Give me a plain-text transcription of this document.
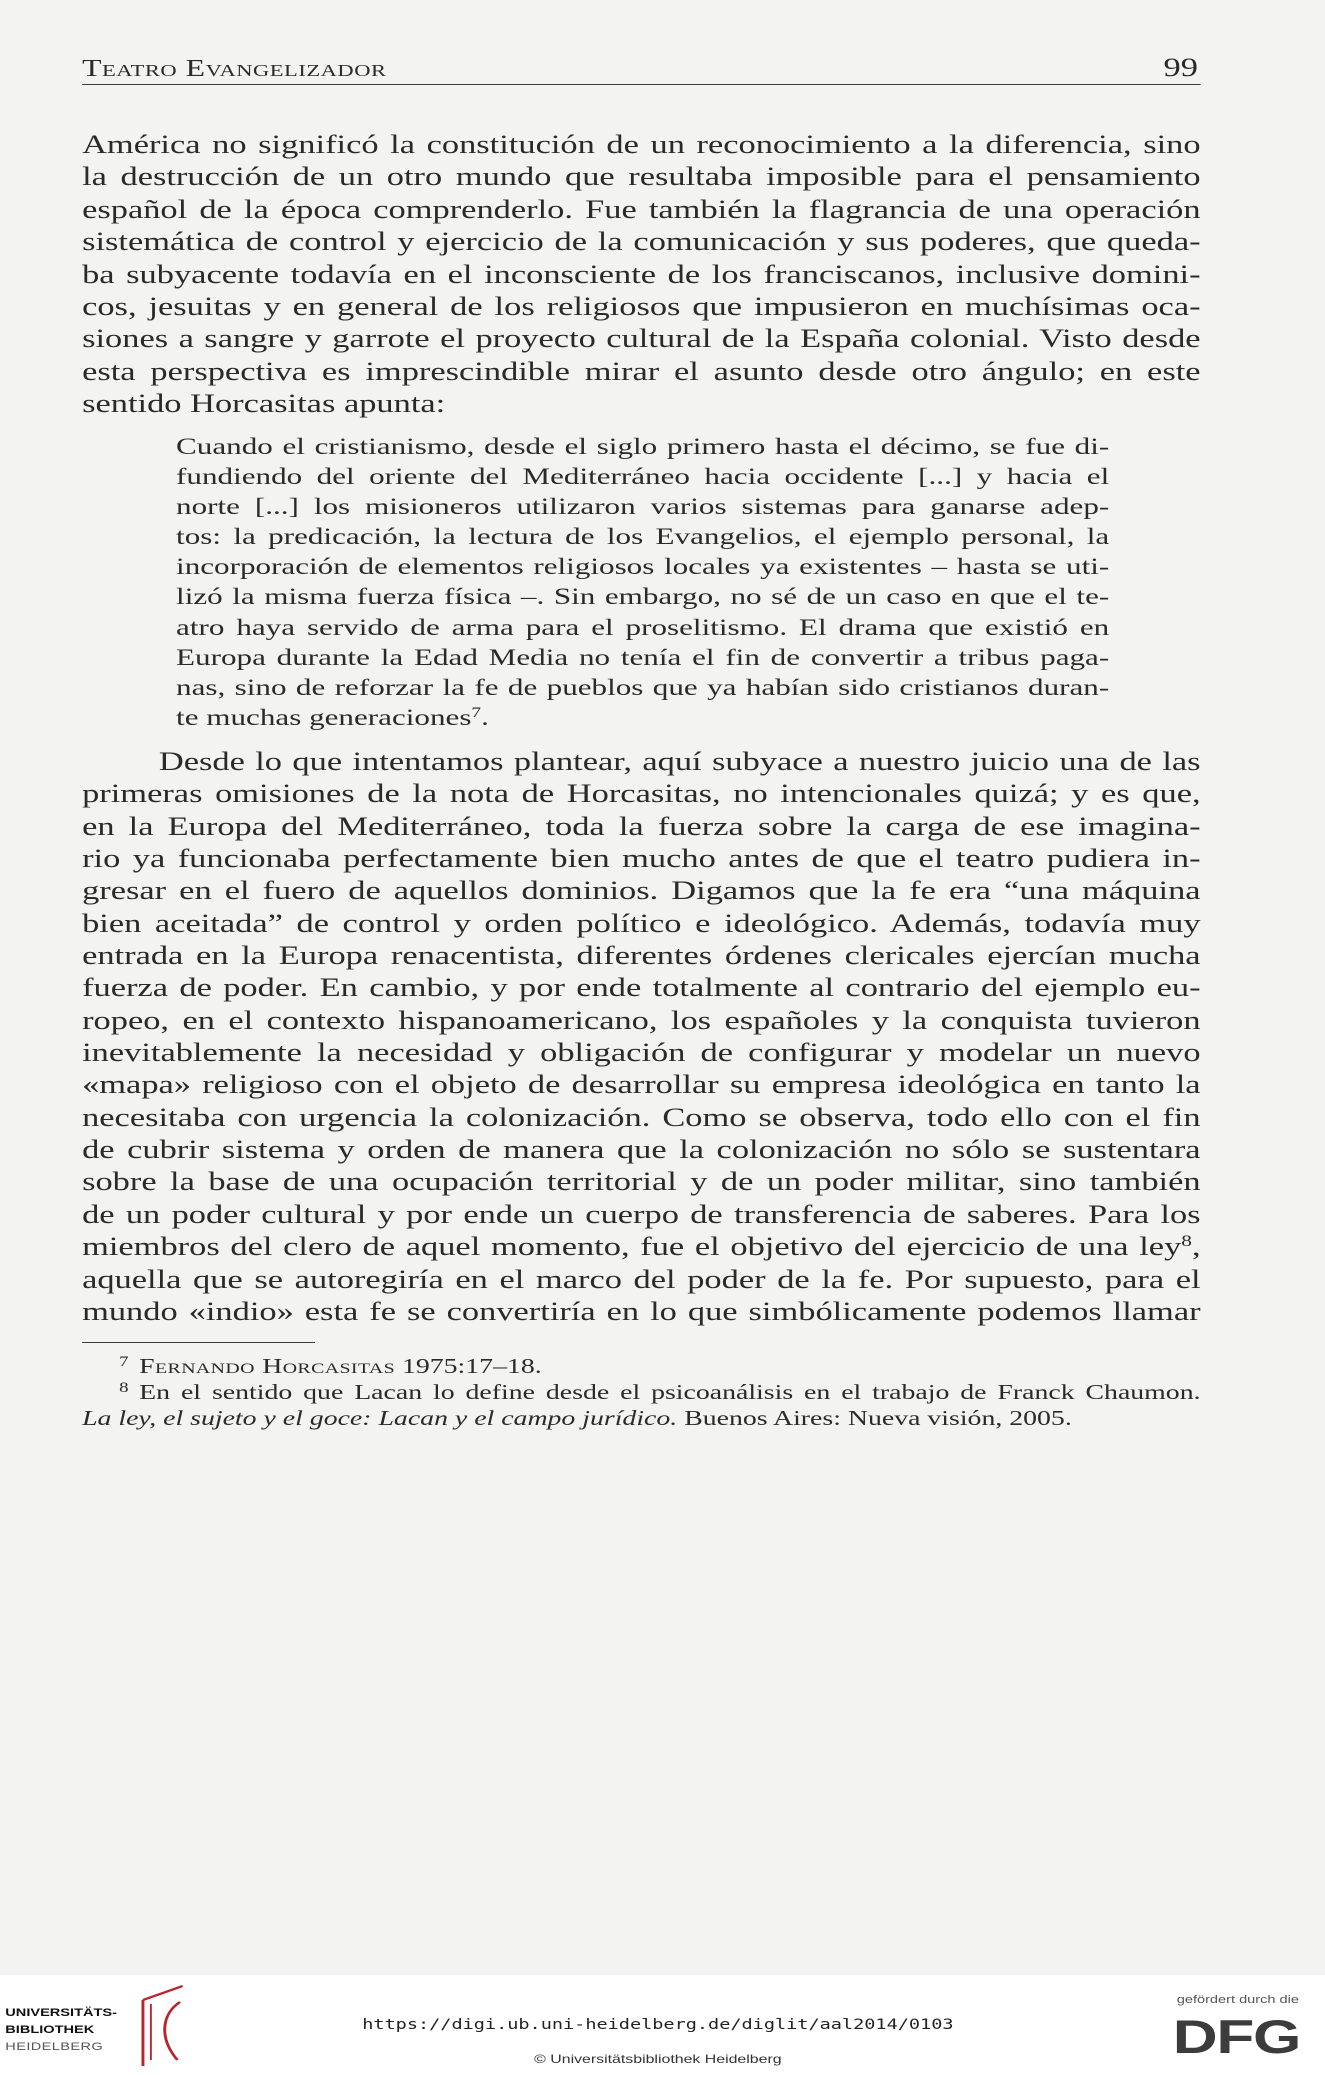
Teatro Evangelizador	99
América no significó la constitución de un reconocimiento a la diferencia, sino
la destrucción de un otro mundo que resultaba imposible para el pensamiento
español de la época comprenderlo. Fue también la flagrancia de una operación
sistemática de control y ejercicio de la comunicación y sus poderes, que queda-
ba subyacente todavía en el inconsciente de los franciscanos, inclusive domini-
cos, jesuitas y en general de los religiosos que impusieron en muchísimas oca-
siones a sangre y garrote el proyecto cultural de la España colonial. Visto desde
esta perspectiva es imprescindible mirar el asunto desde otro ángulo; en este
sentido Horcasitas apunta:
Cuando el cristianismo, desde el siglo primero hasta el décimo, se fue di-
fundiendo del oriente del Mediterráneo hacia occidente [...] y hacia el
norte [...] los misioneros utilizaron varios sistemas para ganarse adep-
tos: la predicación, la lectura de los Evangelios, el ejemplo personal, la
incorporación de elementos religiosos locales ya existentes – hasta se uti-
lizó la misma fuerza física –. Sin embargo, no sé de un caso en que el te-
atro haya servido de arma para el proselitismo. El drama que existió en
Europa durante la Edad Media no tenía el fin de convertir a tribus paga-
nas, sino de reforzar la fe de pueblos que ya habían sido cristianos duran-
te muchas generaciones$^7$.
Desde lo que intentamos plantear, aquí subyace a nuestro juicio una de las
primeras omisiones de la nota de Horcasitas, no intencionales quizá; y es que,
en la Europa del Mediterráneo, toda la fuerza sobre la carga de ese imagina-
rio ya funcionaba perfectamente bien mucho antes de que el teatro pudiera in-
gresar en el fuero de aquellos dominios. Digamos que la fe era “una máquina
bien aceitada” de control y orden político e ideológico. Además, todavía muy
entrada en la Europa renacentista, diferentes órdenes clericales ejercían mucha
fuerza de poder. En cambio, y por ende totalmente al contrario del ejemplo eu-
ropeo, en el contexto hispanoamericano, los españoles y la conquista tuvieron
inevitablemente la necesidad y obligación de configurar y modelar un nuevo
«mapa» religioso con el objeto de desarrollar su empresa ideológica en tanto la
necesitaba con urgencia la colonización. Como se observa, todo ello con el fin
de cubrir sistema y orden de manera que la colonización no sólo se sustentara
sobre la base de una ocupación territorial y de un poder militar, sino también
de un poder cultural y por ende un cuerpo de transferencia de saberes. Para los
miembros del clero de aquel momento, fue el objetivo del ejercicio de una ley$^8$,
aquella que se autoregiría en el marco del poder de la fe. Por supuesto, para el
mundo «indio» esta fe se convertiría en lo que simbólicamente podemos llamar
$^7$ Fernando Horcasitas 1975:17–18.
$^8$ En el sentido que Lacan lo define desde el psicoanálisis en el trabajo de Franck Chaumon.
La ley, el sujeto y el goce: Lacan y el campo jurídico. Buenos Aires: Nueva visión, 2005.
UNIVERSITÄTS-
BIBLIOTHEK
HEIDELBERG
https://digi.ub.uni-heidelberg.de/diglit/aal2014/0103
© Universitätsbibliothek Heidelberg
gefördert durch die
DFG
